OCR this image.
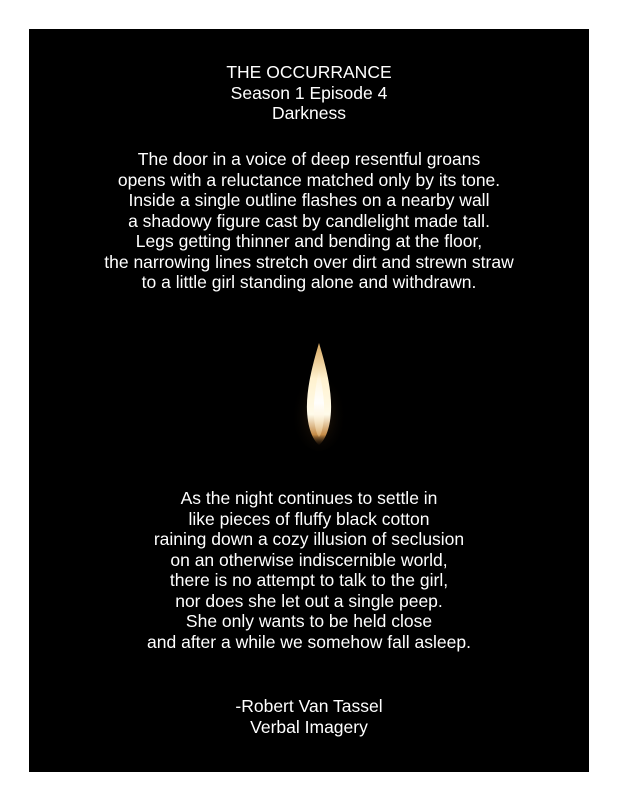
THE OCCURRANCE
Season 1 Episode 4
Darkness
The door in a voice of deep resentful groans
opens with a reluctance matched only by its tone.
Inside a single outline flashes on a nearby wall
a shadowy figure cast by candlelight made tall.
Legs getting thinner and bending at the floor,
the narrowing lines stretch over dirt and strewn straw
to a little girl standing alone and withdrawn.
As the night continues to settle in
like pieces of fluffy black cotton
raining down a cozy illusion of seclusion
on an otherwise indiscernible world,
there is no attempt to talk to the girl,
nor does she let out a single peep.
She only wants to be held close
and after a while we somehow fall asleep.
-Robert Van Tassel
Verbal Imagery
